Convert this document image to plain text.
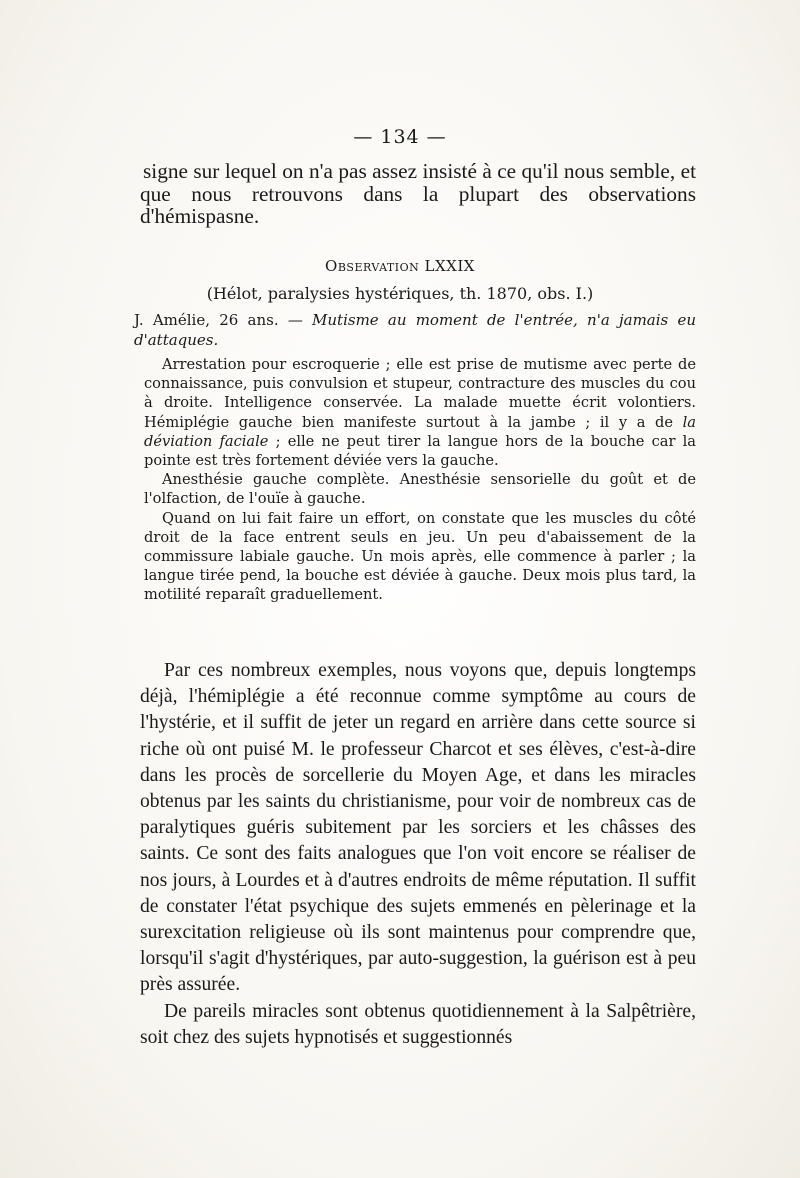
— 134 —

signe sur lequel on n'a pas assez insisté à ce qu'il nous semble, et que nous retrouvons dans la plupart des observations d'hémispasne.

Observation LXXIX
(Hélot, paralysies hystériques, th. 1870, obs. I.)
J. Amélie, 26 ans. — Mutisme au moment de l'entrée, n'a jamais eu d'attaques.

Arrestation pour escroquerie ; elle est prise de mutisme avec perte de connaissance, puis convulsion et stupeur, contracture des muscles du cou à droite. Intelligence conservée. La malade muette écrit volontiers. Hémiplégie gauche bien manifeste surtout à la jambe ; il y a de la déviation faciale ; elle ne peut tirer la langue hors de la bouche car la pointe est très fortement déviée vers la gauche.

Anesthésie gauche complète. Anesthésie sensorielle du goût et de l'olfaction, de l'ouïe à gauche.

Quand on lui fait faire un effort, on constate que les muscles du côté droit de la face entrent seuls en jeu. Un peu d'abaissement de la commissure labiale gauche. Un mois après, elle commence à parler ; la langue tirée pend, la bouche est déviée à gauche. Deux mois plus tard, la motilité reparaît graduellement.

Par ces nombreux exemples, nous voyons que, depuis longtemps déjà, l'hémiplégie a été reconnue comme symptôme au cours de l'hystérie, et il suffit de jeter un regard en arrière dans cette source si riche où ont puisé M. le professeur Charcot et ses élèves, c'est-à-dire dans les procès de sorcellerie du Moyen Age, et dans les miracles obtenus par les saints du christianisme, pour voir de nombreux cas de paralytiques guéris subitement par les sorciers et les châsses des saints. Ce sont des faits analogues que l'on voit encore se réaliser de nos jours, à Lourdes et à d'autres endroits de même réputation. Il suffit de constater l'état psychique des sujets emmenés en pèlerinage et la surexcitation religieuse où ils sont maintenus pour comprendre que, lorsqu'il s'agit d'hystériques, par auto-suggestion, la guérison est à peu près assurée.

De pareils miracles sont obtenus quotidiennement à la Salpêtrière, soit chez des sujets hypnotisés et suggestionnés
